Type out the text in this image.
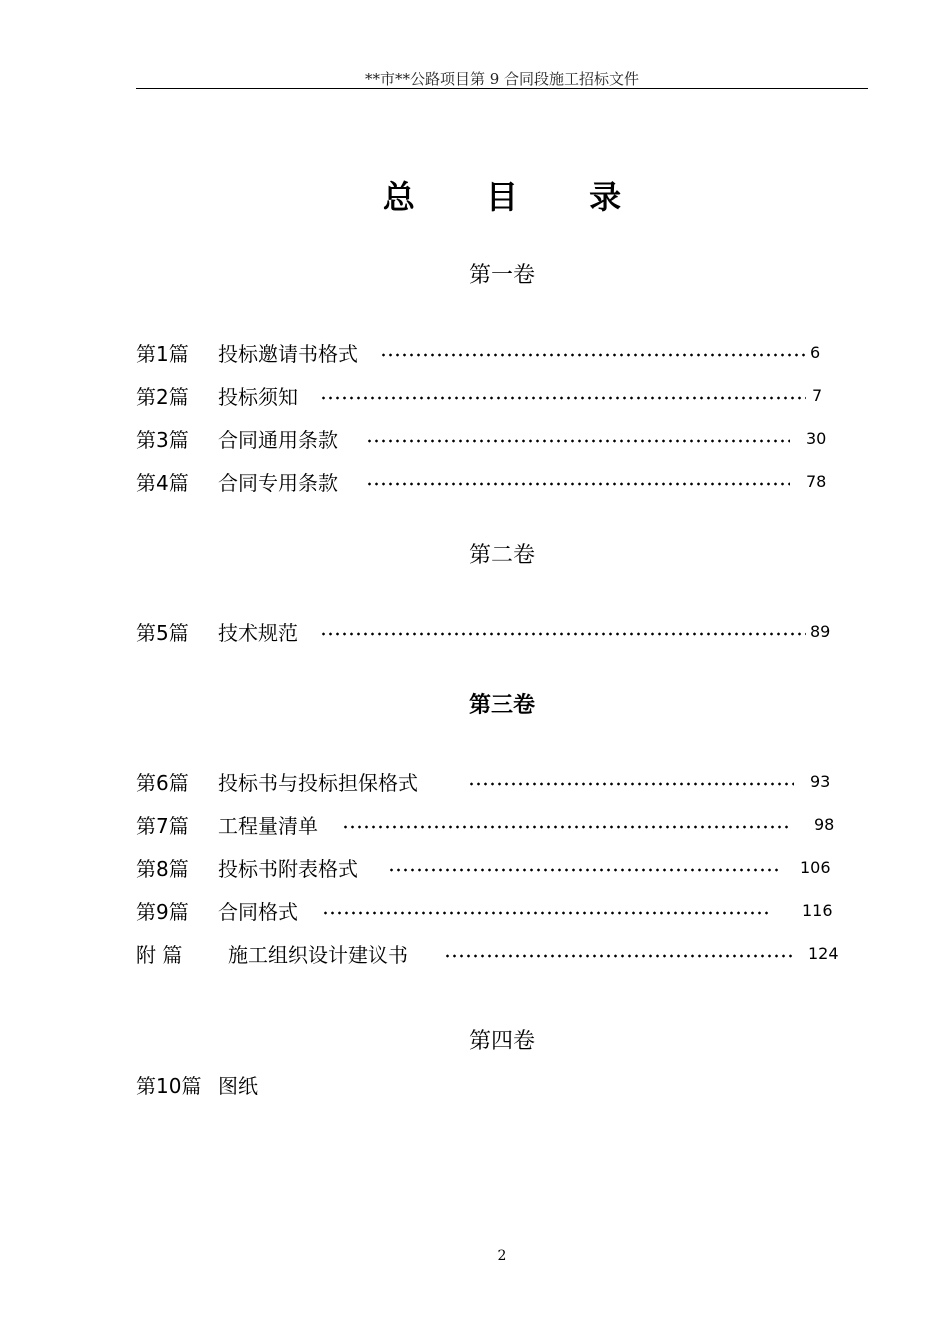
**市**公路项目第 9 合同段施工招标文件
总 目 录
第一卷
第1篇 投标邀请书格式	6
第2篇 投标须知	7
第3篇 合同通用条款	30
第4篇 合同专用条款	78
第二卷
第5篇 技术规范	89
第三卷
第6篇 投标书与投标担保格式	93
第7篇 工程量清单	98
第8篇 投标书附表格式	106
第9篇 合同格式	116
附 篇 施工组织设计建议书	124
第四卷
第10篇 图纸
2
